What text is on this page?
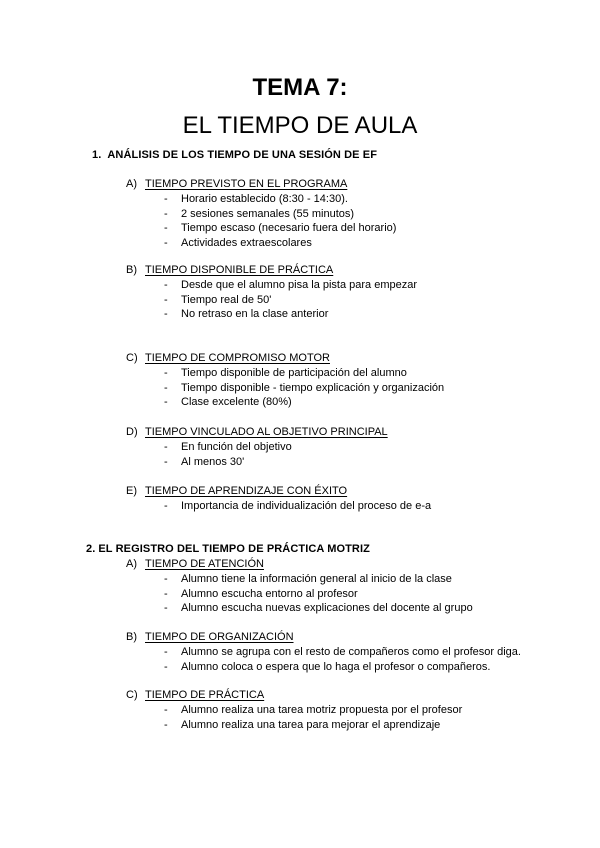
TEMA 7:
EL TIEMPO DE AULA
1. ANÁLISIS DE LOS TIEMPO DE UNA SESIÓN DE EF
A) TIEMPO PREVISTO EN EL PROGRAMA
- Horario establecido (8:30 - 14:30).
- 2 sesiones semanales (55 minutos)
- Tiempo escaso (necesario fuera del horario)
- Actividades extraescolares
B) TIEMPO DISPONIBLE DE PRÁCTICA
- Desde que el alumno pisa la pista para empezar
- Tiempo real de 50'
- No retraso en la clase anterior
C) TIEMPO DE COMPROMISO MOTOR
- Tiempo disponible de participación del alumno
- Tiempo disponible - tiempo explicación y organización
- Clase excelente (80%)
D) TIEMPO VINCULADO AL OBJETIVO PRINCIPAL
- En función del objetivo
- Al menos 30'
E) TIEMPO DE APRENDIZAJE CON ÉXITO
- Importancia de individualización del proceso de e-a
2. EL REGISTRO DEL TIEMPO DE PRÁCTICA MOTRIZ
A) TIEMPO DE ATENCIÓN
- Alumno tiene la información general al inicio de la clase
- Alumno escucha entorno al profesor
- Alumno escucha nuevas explicaciones del docente al grupo
B) TIEMPO DE ORGANIZACIÓN
- Alumno se agrupa con el resto de compañeros como el profesor diga.
- Alumno coloca o espera que lo haga el profesor o compañeros.
C) TIEMPO DE PRÁCTICA
- Alumno realiza una tarea motriz propuesta por el profesor
- Alumno realiza una tarea para mejorar el aprendizaje
